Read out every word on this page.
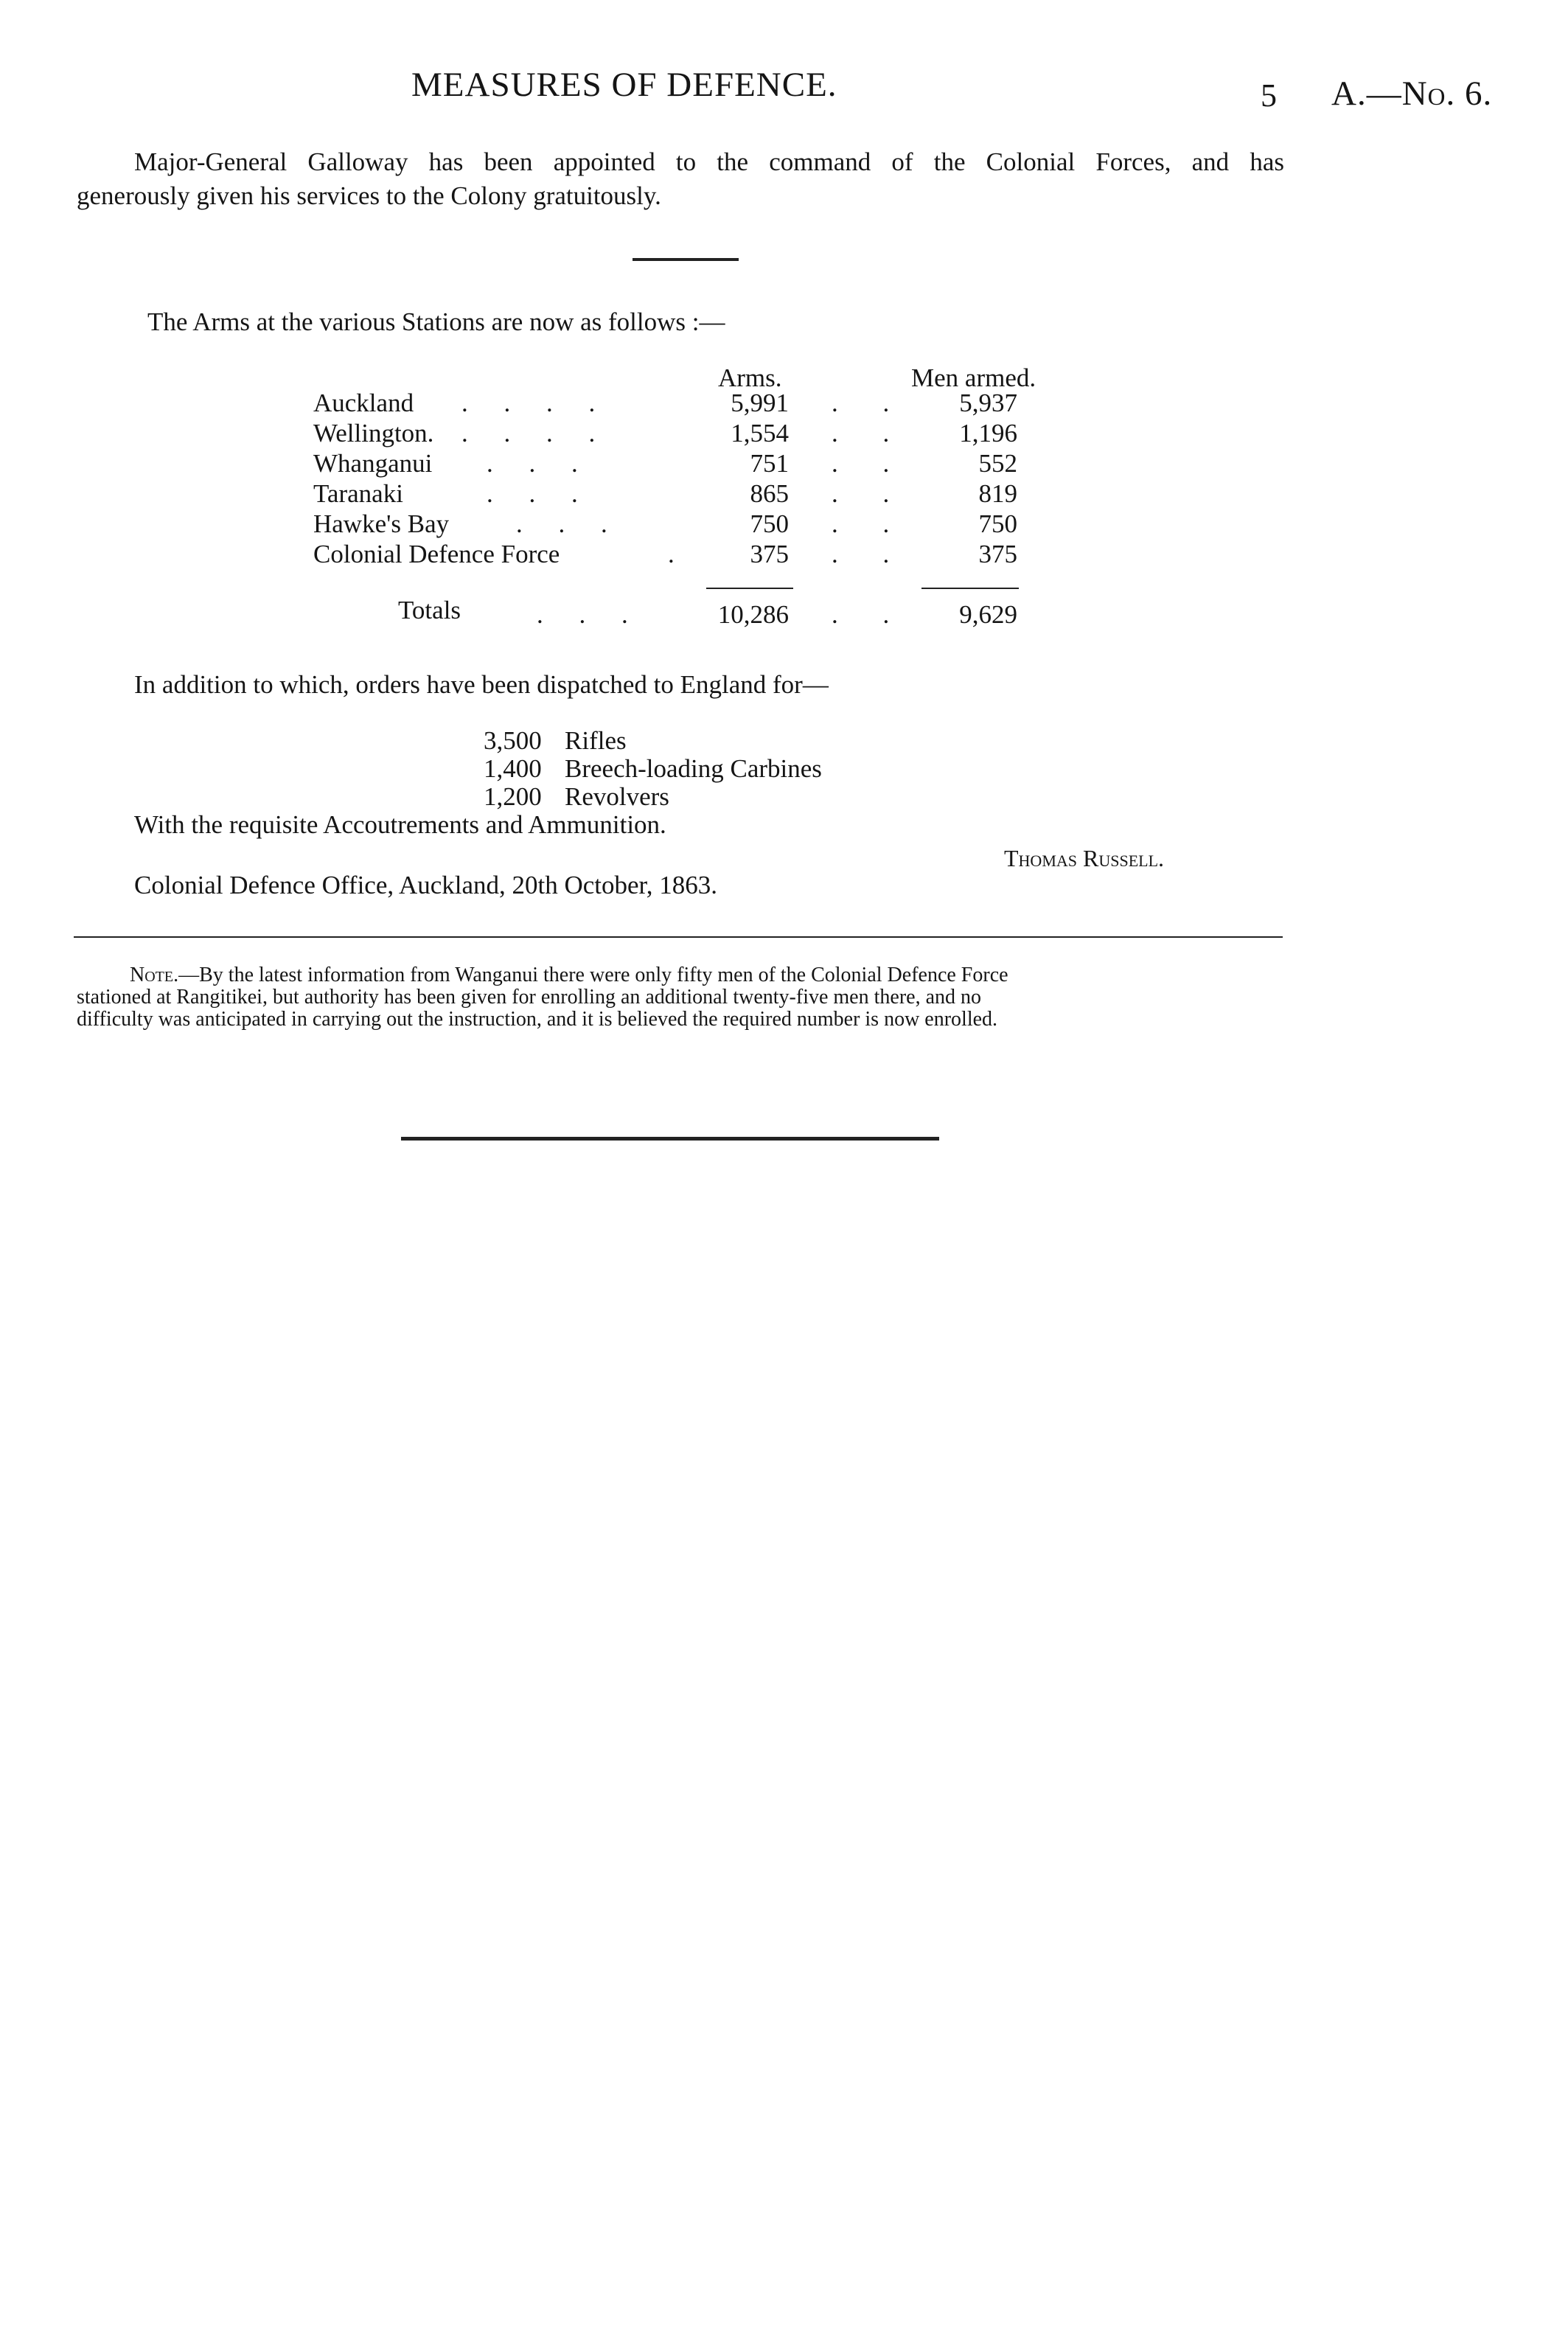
MEASURES OF DEFENCE.	5 A.—No. 6.
Major-General Galloway has been appointed to the command of the Colonial Forces, and has
generously given his services to the Colony gratuitously.
The Arms at the various Stations are now as follows :—
Arms.	Men armed.
Auckland . . . .	5,991 . .	5,937
Wellington. . . . .	1,554 . .	1,196
Whanganui . . .	751 . .	552
Taranaki	. . .	865 . .	819
Hawke's Bay	. . .	750 . .	750
Colonial Defence Force	.	375 . .	375
Totals	. . .	10,286 . .	9,629
In addition to which, orders have been dispatched to England for—
3,500 Rifles
1,400 Breech-loading Carbines
1,200 Revolvers
With the requisite Accoutrements and Ammunition.
Thomas Russell.
Colonial Defence Office, Auckland, 20th October, 1863.
Note.—By the latest information from Wanganui there were only fifty men of the Colonial Defence Force
stationed at Rangitikei, but authority has been given for enrolling an additional twenty-five men there, and no
difficulty was anticipated in carrying out the instruction, and it is believed the required number is now enrolled.
